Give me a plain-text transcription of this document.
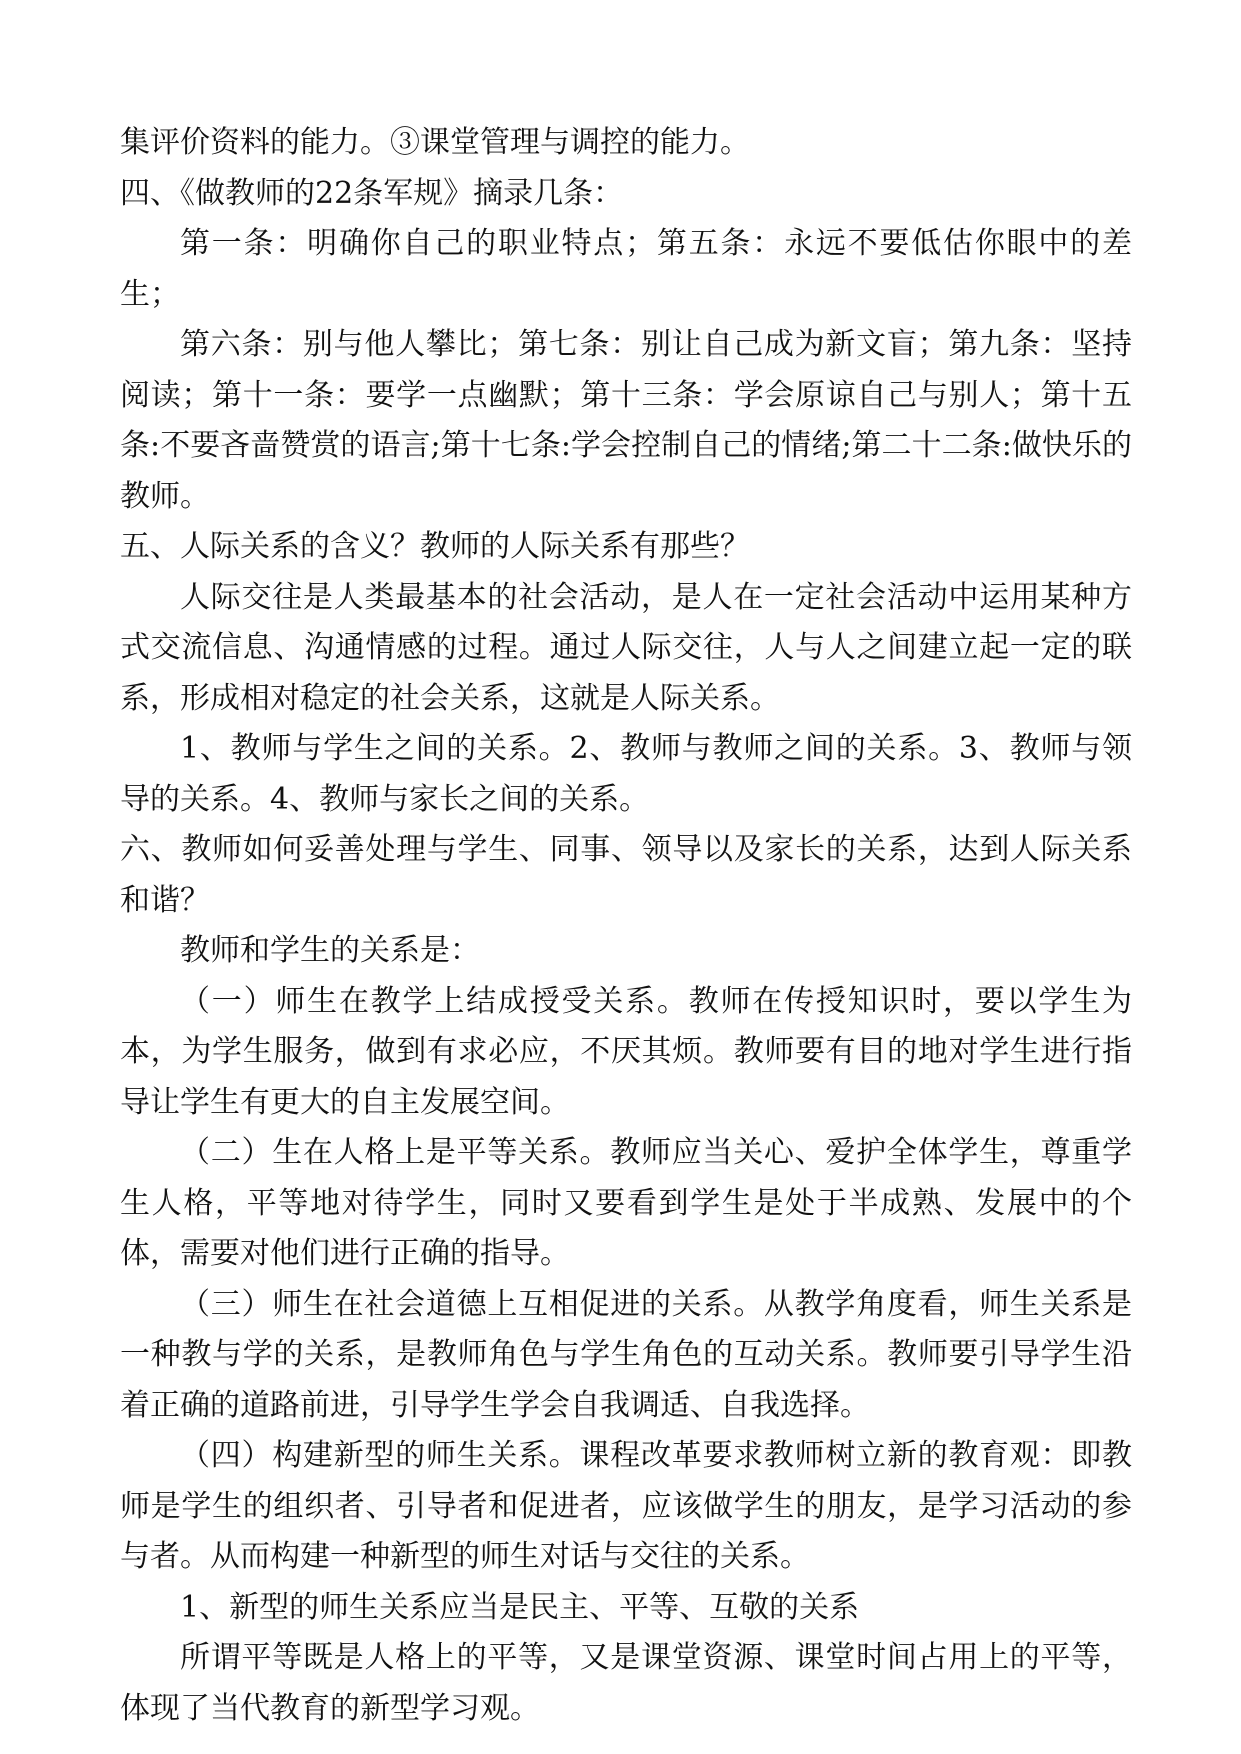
集评价资料的能力。③课堂管理与调控的能力。

四、《做教师的22条军规》摘录几条：

第一条：明确你自己的职业特点；第五条：永远不要低估你眼中的差生；

第六条：别与他人攀比；第七条：别让自己成为新文盲；第九条：坚持阅读；第十一条：要学一点幽默；第十三条：学会原谅自己与别人；第十五条:不要吝啬赞赏的语言;第十七条:学会控制自己的情绪;第二十二条:做快乐的教师。

五、人际关系的含义？教师的人际关系有那些？

人际交往是人类最基本的社会活动，是人在一定社会活动中运用某种方式交流信息、沟通情感的过程。通过人际交往，人与人之间建立起一定的联系，形成相对稳定的社会关系，这就是人际关系。

1、教师与学生之间的关系。2、教师与教师之间的关系。3、教师与领导的关系。4、教师与家长之间的关系。

六、教师如何妥善处理与学生、同事、领导以及家长的关系，达到人际关系和谐？

教师和学生的关系是：

（一）师生在教学上结成授受关系。教师在传授知识时，要以学生为本，为学生服务，做到有求必应，不厌其烦。教师要有目的地对学生进行指导让学生有更大的自主发展空间。

（二）生在人格上是平等关系。教师应当关心、爱护全体学生，尊重学生人格，平等地对待学生，同时又要看到学生是处于半成熟、发展中的个体，需要对他们进行正确的指导。

（三）师生在社会道德上互相促进的关系。从教学角度看，师生关系是一种教与学的关系，是教师角色与学生角色的互动关系。教师要引导学生沿着正确的道路前进，引导学生学会自我调适、自我选择。

（四）构建新型的师生关系。课程改革要求教师树立新的教育观：即教师是学生的组织者、引导者和促进者，应该做学生的朋友，是学习活动的参与者。从而构建一种新型的师生对话与交往的关系。

1、新型的师生关系应当是民主、平等、互敬的关系

所谓平等既是人格上的平等，又是课堂资源、课堂时间占用上的平等，体现了当代教育的新型学习观。
